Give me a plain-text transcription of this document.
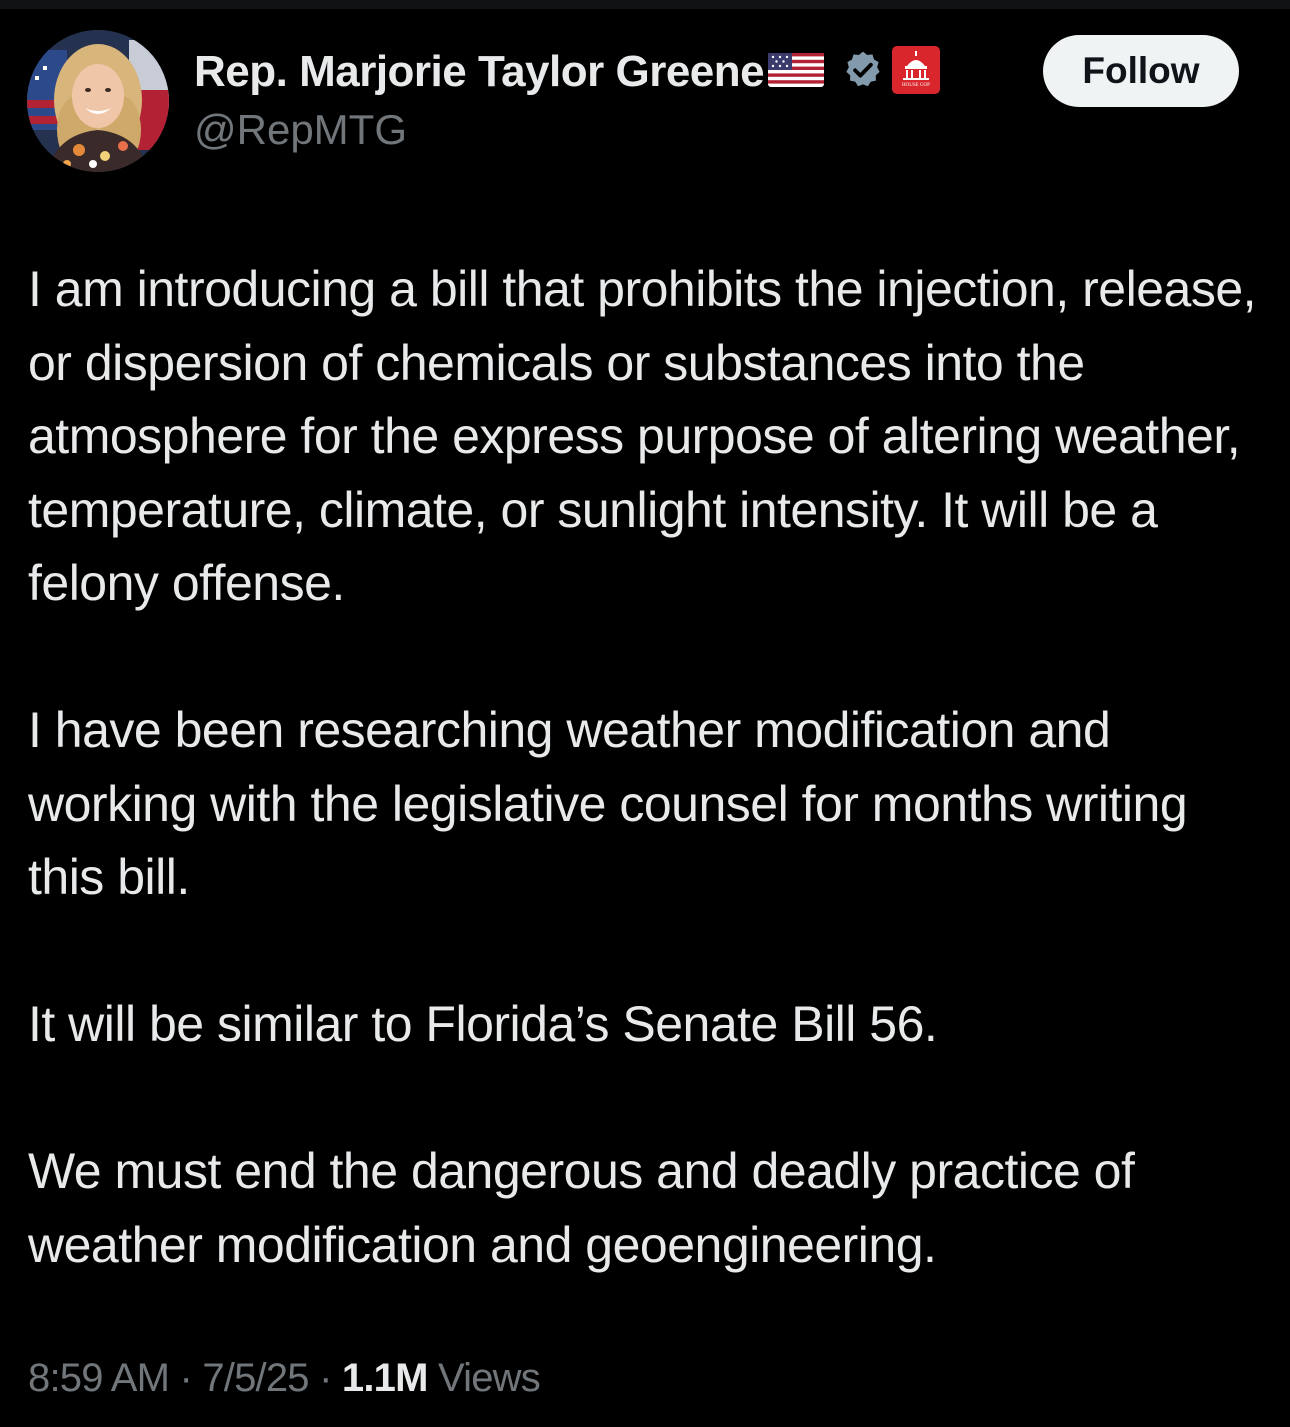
Rep. Marjorie Taylor Greene	HOUSE GOP
@RepMTG
Follow

I am introducing a bill that prohibits the injection, release, or dispersion of chemicals or substances into the atmosphere for the express purpose of altering weather, temperature, climate, or sunlight intensity. It will be a felony offense.

I have been researching weather modification and working with the legislative counsel for months writing this bill.

It will be similar to Florida’s Senate Bill 56.

We must end the dangerous and deadly practice of weather modification and geoengineering.

8:59 AM · 7/5/25 · 1.1M Views
